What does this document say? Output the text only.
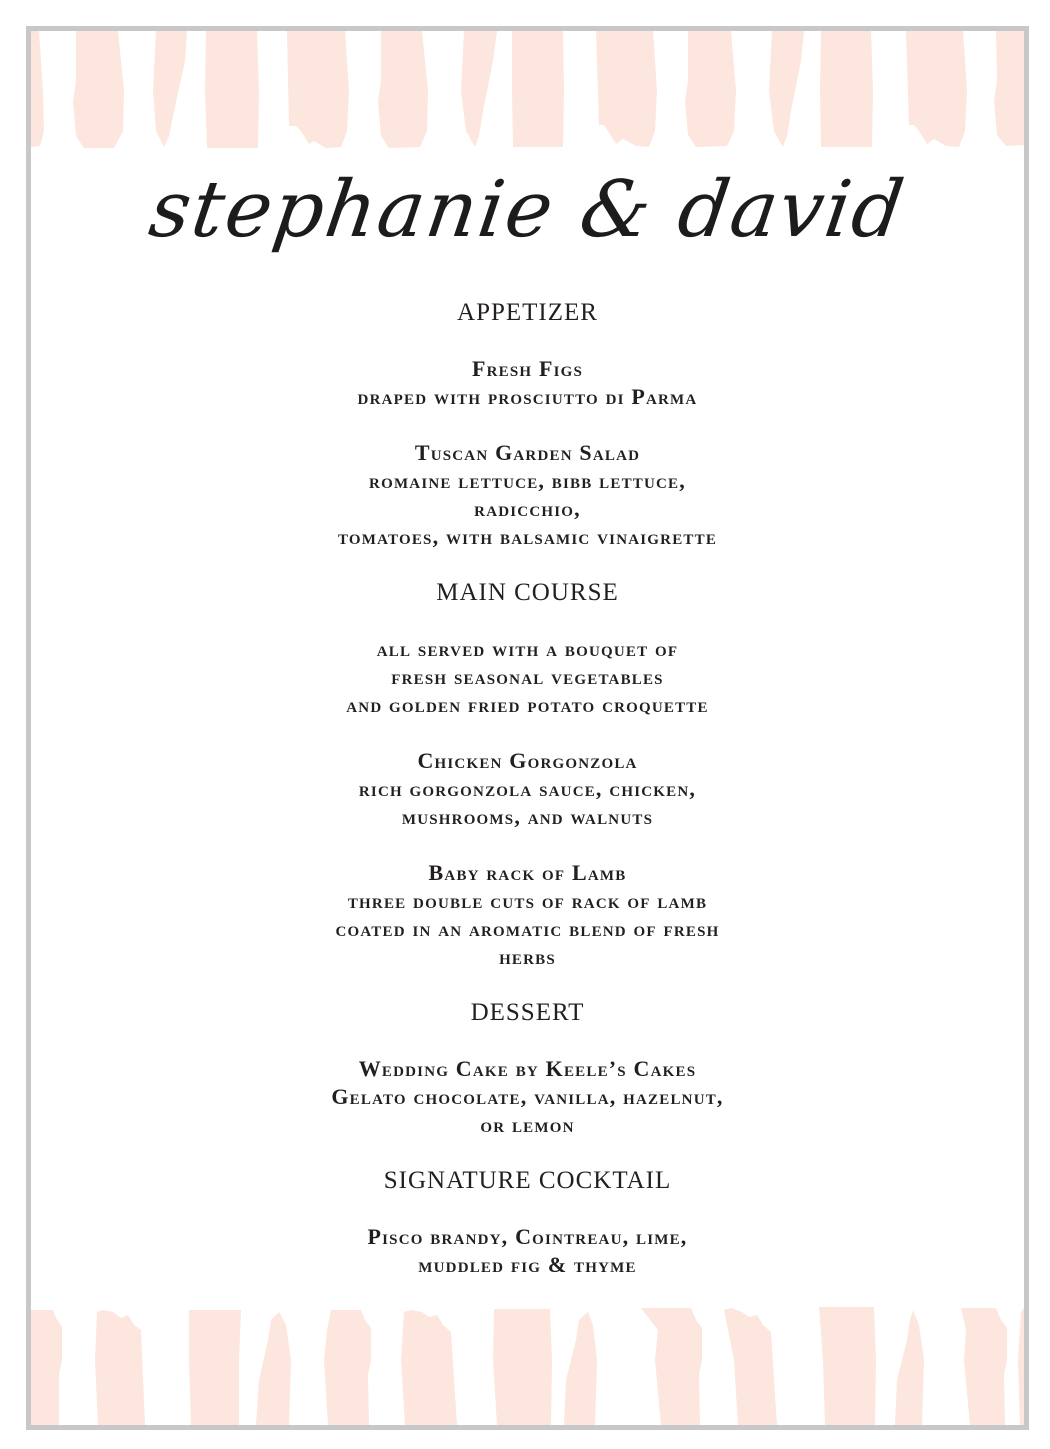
stephanie & david
APPETIZER
Fresh Figs
draped with prosciutto di Parma
Tuscan Garden Salad
romaine lettuce, bibb lettuce,
radicchio,
tomatoes, with balsamic vinaigrette
MAIN COURSE
all served with a bouquet of
fresh seasonal vegetables
and golden fried potato croquette
Chicken Gorgonzola
rich gorgonzola sauce, chicken,
mushrooms, and walnuts
Baby rack of Lamb
three double cuts of rack of lamb
coated in an aromatic blend of fresh
herbs
DESSERT
Wedding Cake by Keele’s Cakes
Gelato chocolate, vanilla, hazelnut,
or lemon
SIGNATURE COCKTAIL
Pisco brandy, Cointreau, lime,
muddled fig & thyme
